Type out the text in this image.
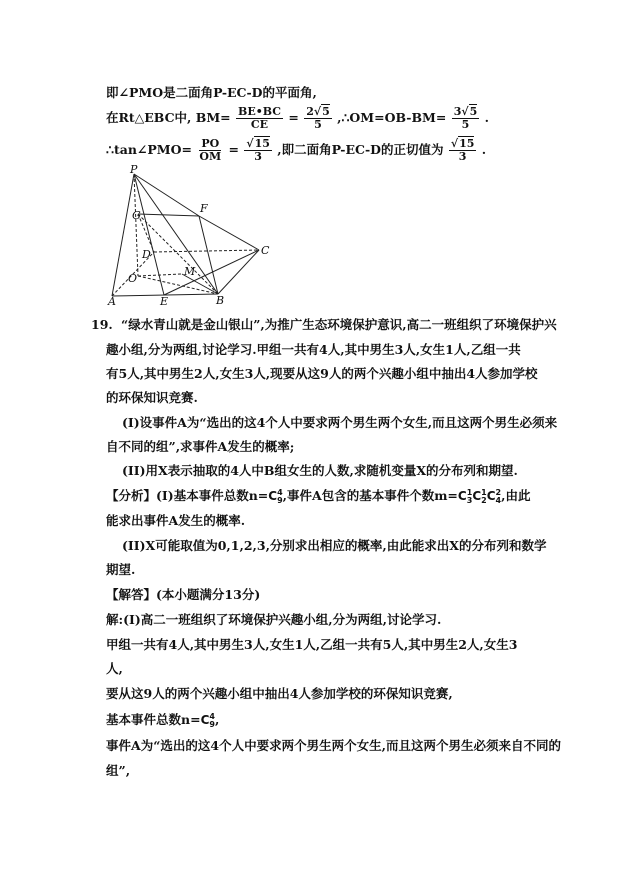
即∠PMO是二面角P-EC-D的平面角,
在Rt△EBC中, $BM= \frac{BE•BC}{CE} = \frac{2√5}{5}$ ,∴OM=OB-BM= $\frac{3√5}{5}$ .
∴tan∠PMO= $\frac{PO}{OM} = \frac{√15}{3}$ ,即二面角P-EC-D的正切值为 $\frac{√15}{3}$ .
P
F
G
C
D
O
M
A	E	B
19. “绿水青山就是金山银山”,为推广生态环境保护意识,高二一班组织了环境保护兴
趣小组,分为两组,讨论学习.甲组一共有4人,其中男生3人,女生1人,乙组一共
有5人,其中男生2人,女生3人,现要从这9人的两个兴趣小组中抽出4人参加学校
的环保知识竞赛.
(I)设事件A为“选出的这4个人中要求两个男生两个女生,而且这两个男生必须来
自不同的组”,求事件A发生的概率;
(II)用X表示抽取的4人中B组女生的人数,求随机变量X的分布列和期望.
【分析】(I)基本事件总数n=C 4
9 ,事件A包含的基本事件个数m=C 1
3 C 1
2 C 2
4 ,由此
能求出事件A发生的概率.
(II)X可能取值为0,1,2,3,分别求出相应的概率,由此能求出X的分布列和数学
期望.
【解答】(本小题满分13分)
解:(I)高二一班组织了环境保护兴趣小组,分为两组,讨论学习.
甲组一共有4人,其中男生3人,女生1人,乙组一共有5人,其中男生2人,女生3
人,
要从这9人的两个兴趣小组中抽出4人参加学校的环保知识竞赛,
基本事件总数n=C 4
9 ,
事件A为“选出的这4个人中要求两个男生两个女生,而且这两个男生必须来自不同的
组”,
